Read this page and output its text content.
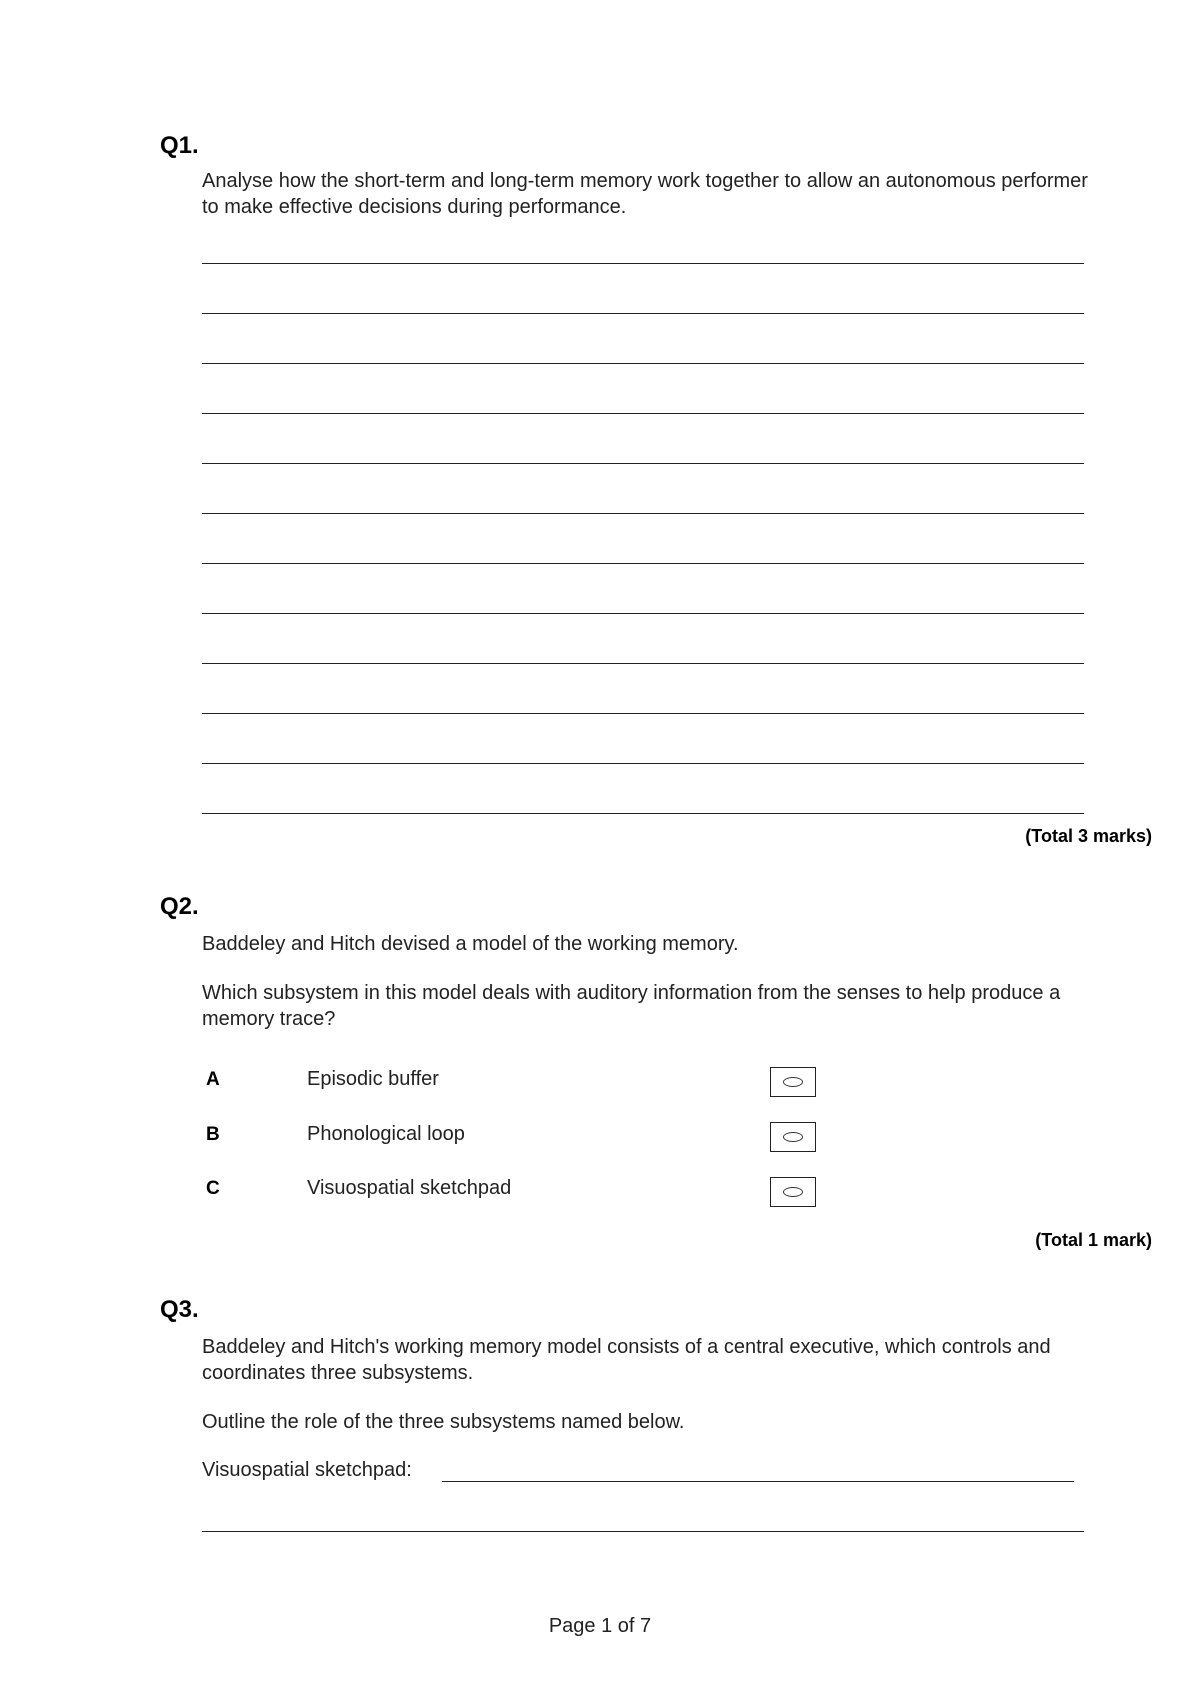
Q1.

Analyse how the short-term and long-term memory work together to allow an autonomous performer to make effective decisions during performance.

(Total 3 marks)
Q2.

Baddeley and Hitch devised a model of the working memory.

Which subsystem in this model deals with auditory information from the senses to help produce a memory trace?

A	Episodic buffer
B	Phonological loop
C	Visuospatial sketchpad
(Total 1 mark)
Q3.

Baddeley and Hitch's working memory model consists of a central executive, which controls and coordinates three subsystems.

Outline the role of the three subsystems named below.

Visuospatial sketchpad:
Page 1 of 7
